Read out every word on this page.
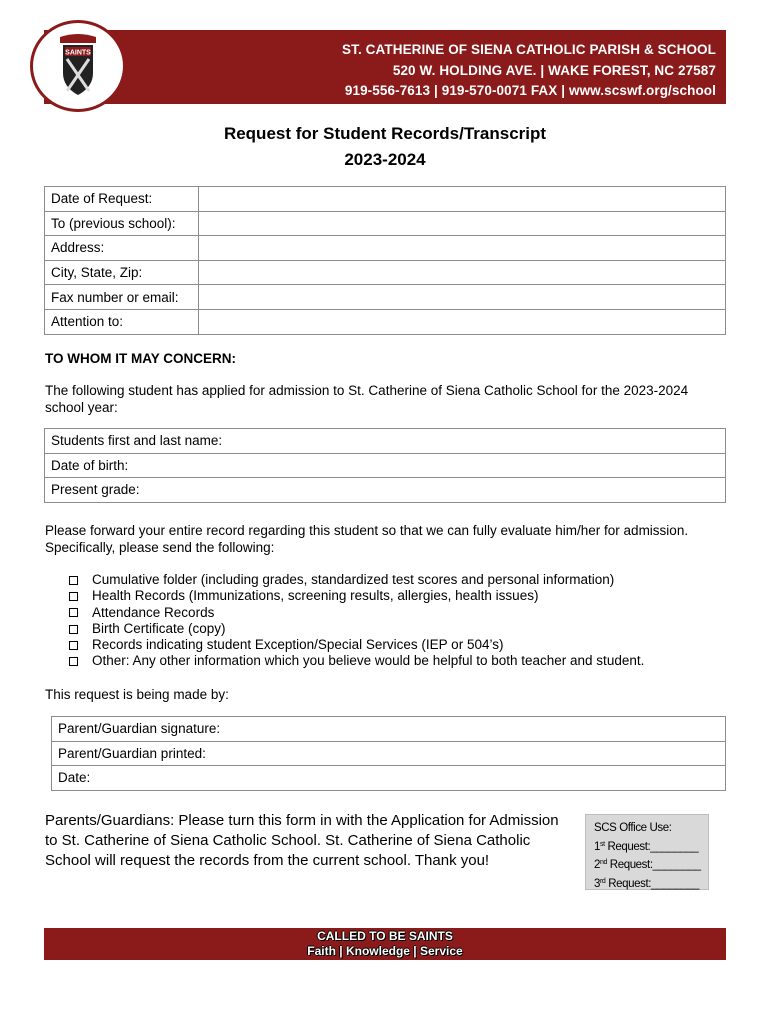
ST. CATHERINE OF SIENA CATHOLIC PARISH & SCHOOL
520 W. HOLDING AVE. | WAKE FOREST, NC 27587
919-556-7613 | 919-570-0071 FAX | www.scswf.org/school
SAINTS
Request for Student Records/Transcript
2023-2024
Date of Request:	
To (previous school):	
Address:	
City, State, Zip:	
Fax number or email:	
Attention to:	
TO WHOM IT MAY CONCERN:
The following student has applied for admission to St. Catherine of Siena Catholic School for the 2023-2024 school year:
Students first and last name:
Date of birth:
Present grade:
Please forward your entire record regarding this student so that we can fully evaluate him/her for admission. Specifically, please send the following:
Cumulative folder (including grades, standardized test scores and personal information)
Health Records (Immunizations, screening results, allergies, health issues)
Attendance Records
Birth Certificate (copy)
Records indicating student Exception/Special Services (IEP or 504’s)
Other: Any other information which you believe would be helpful to both teacher and student.
This request is being made by:
Parent/Guardian signature:
Parent/Guardian printed:
Date:
Parents/Guardians: Please turn this form in with the Application for Admission to St. Catherine of Siena Catholic School. St. Catherine of Siena Catholic School will request the records from the current school. Thank you!
SCS Office Use:
1st Request:________
2nd Request:________
3rd Request:________
CALLED TO BE SAINTS
Faith | Knowledge | Service
